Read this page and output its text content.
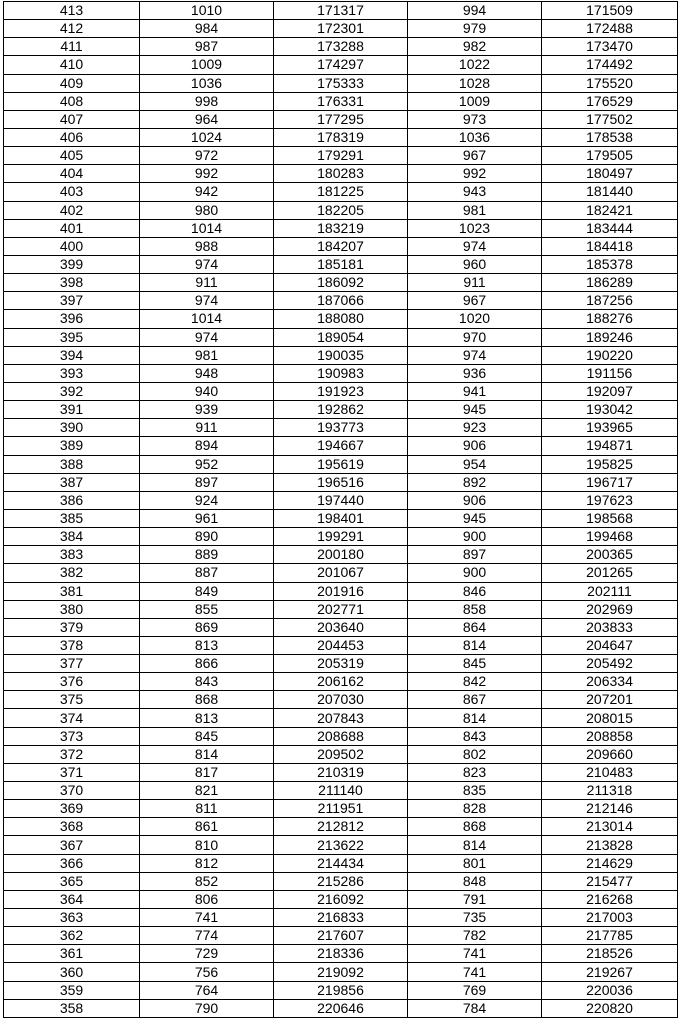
413	1010	171317	994	171509
412	984	172301	979	172488
411	987	173288	982	173470
410	1009	174297	1022	174492
409	1036	175333	1028	175520
408	998	176331	1009	176529
407	964	177295	973	177502
406	1024	178319	1036	178538
405	972	179291	967	179505
404	992	180283	992	180497
403	942	181225	943	181440
402	980	182205	981	182421
401	1014	183219	1023	183444
400	988	184207	974	184418
399	974	185181	960	185378
398	911	186092	911	186289
397	974	187066	967	187256
396	1014	188080	1020	188276
395	974	189054	970	189246
394	981	190035	974	190220
393	948	190983	936	191156
392	940	191923	941	192097
391	939	192862	945	193042
390	911	193773	923	193965
389	894	194667	906	194871
388	952	195619	954	195825
387	897	196516	892	196717
386	924	197440	906	197623
385	961	198401	945	198568
384	890	199291	900	199468
383	889	200180	897	200365
382	887	201067	900	201265
381	849	201916	846	202111
380	855	202771	858	202969
379	869	203640	864	203833
378	813	204453	814	204647
377	866	205319	845	205492
376	843	206162	842	206334
375	868	207030	867	207201
374	813	207843	814	208015
373	845	208688	843	208858
372	814	209502	802	209660
371	817	210319	823	210483
370	821	211140	835	211318
369	811	211951	828	212146
368	861	212812	868	213014
367	810	213622	814	213828
366	812	214434	801	214629
365	852	215286	848	215477
364	806	216092	791	216268
363	741	216833	735	217003
362	774	217607	782	217785
361	729	218336	741	218526
360	756	219092	741	219267
359	764	219856	769	220036
358	790	220646	784	220820
